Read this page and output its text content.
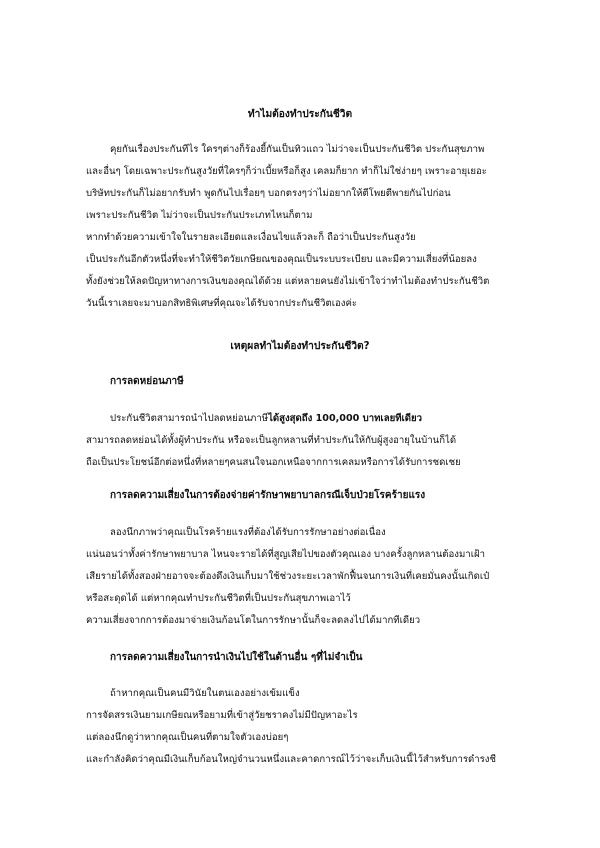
ทำไมต้องทำประกันชีวิต
คุยกันเรื่องประกันทีไร ใครๆต่างก็ร้องยี้กันเป็นทิวแถว ไม่ว่าจะเป็นประกันชีวิต ประกันสุขภาพ
และอื่นๆ โดยเฉพาะประกันสูงวัยที่ใครๆก็ว่าเบี้ยหรือก็สูง เคลมก็ยาก ทำก็ไม่ใช่ง่ายๆ เพราะอายุเยอะ
บริษัทประกันก็ไม่อยากรับทำ พูดกันไปเรื่อยๆ บอกตรงๆว่าไม่อยากให้ตีโพยตีพายกันไปก่อน
เพราะประกันชีวิต ไม่ว่าจะเป็นประกันประเภทไหนก็ตาม
หากทำด้วยความเข้าใจในรายละเอียดและเงื่อนไขแล้วละก็ ถือว่าเป็นประกันสูงวัย
เป็นประกันอีกตัวหนึ่งที่จะทำให้ชีวิตวัยเกษียณของคุณเป็นระบบระเบียบ และมีความเสี่ยงที่น้อยลง
ทั้งยังช่วยให้ลดปัญหาทางการเงินของคุณได้ด้วย แต่หลายคนยังไม่เข้าใจว่าทำไมต้องทำประกันชีวิต
วันนี้เราเลยจะมาบอกสิทธิพิเศษที่คุณจะได้รับจากประกันชีวิตเองค่ะ
เหตุผลทำไมต้องทำประกันชีวิต?
การลดหย่อนภาษี
ประกันชีวิตสามารถนำไปลดหย่อนภาษีได้สูงสุดถึง 100,000 บาทเลยทีเดียว
สามารถลดหย่อนได้ทั้งผู้ทำประกัน หรือจะเป็นลูกหลานที่ทำประกันให้กับผู้สูงอายุในบ้านก็ได้
ถือเป็นประโยชน์อีกต่อหนึ่งที่หลายๆคนสนใจนอกเหนือจากการเคลมหรือการได้รับการชดเชย
การลดความเสี่ยงในการต้องจ่ายค่ารักษาพยาบาลกรณีเจ็บป่วยโรคร้ายแรง
ลองนึกภาพว่าคุณเป็นโรคร้ายแรงที่ต้องได้รับการรักษาอย่างต่อเนื่อง
แน่นอนว่าทั้งค่ารักษาพยาบาล ไหนจะรายได้ที่สูญเสียไปของตัวคุณเอง บางครั้งลูกหลานต้องมาเฝ้า
เสียรายได้ทั้งสองฝ่ายอาจจะต้องดึงเงินเก็บมาใช้ช่วงระยะเวลาพักฟื้นจนการเงินที่เคยมั่นคงนั้นเกิดเป๋
หรือสะดุดได้ แต่หากคุณทำประกันชีวิตที่เป็นประกันสุขภาพเอาไว้
ความเสี่ยงจากการต้องมาจ่ายเงินก้อนโตในการรักษานั้นก็จะลดลงไปได้มากทีเดียว
การลดความเสี่ยงในการนำเงินไปใช้ในด้านอื่น ๆที่ไม่จำเป็น
ถ้าหากคุณเป็นคนมีวินัยในตนเองอย่างเข้มแข็ง
การจัดสรรเงินยามเกษียณหรือยามที่เข้าสู่วัยชราคงไม่มีปัญหาอะไร
แต่ลองนึกดูว่าหากคุณเป็นคนที่ตามใจตัวเองบ่อยๆ
และกำลังคิดว่าคุณมีเงินเก็บก้อนใหญ่จำนวนหนึ่งและคาดการณ์ไว้ว่าจะเก็บเงินนี้ไว้สำหรับการดำรงชี
